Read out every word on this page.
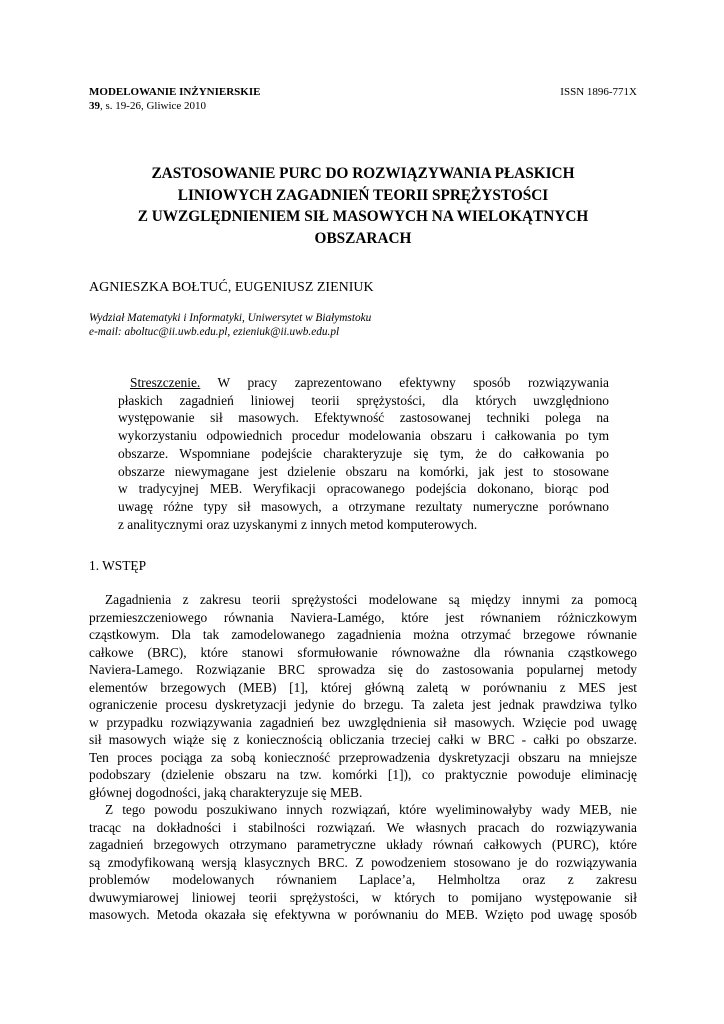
MODELOWANIE INŻYNIERSKIE	ISSN 1896-771X
39, s. 19-26, Gliwice 2010
ZASTOSOWANIE PURC DO ROZWIĄZYWANIA PŁASKICH
LINIOWYCH ZAGADNIEŃ TEORII SPRĘŻYSTOŚCI
Z UWZGLĘDNIENIEM SIŁ MASOWYCH NA WIELOKĄTNYCH
OBSZARACH
AGNIESZKA BOŁTUĆ, EUGENIUSZ ZIENIUK
Wydział Matematyki i Informatyki, Uniwersytet w Białymstoku
e-mail: aboltuc@ii.uwb.edu.pl, ezieniuk@ii.uwb.edu.pl
Streszczenie. W pracy zaprezentowano efektywny sposób rozwiązywania
płaskich zagadnień liniowej teorii sprężystości, dla których uwzględniono
występowanie sił masowych. Efektywność zastosowanej techniki polega na
wykorzystaniu odpowiednich procedur modelowania obszaru i całkowania po tym
obszarze. Wspomniane podejście charakteryzuje się tym, że do całkowania po
obszarze niewymagane jest dzielenie obszaru na komórki, jak jest to stosowane
w tradycyjnej MEB. Weryfikacji opracowanego podejścia dokonano, biorąc pod
uwagę różne typy sił masowych, a otrzymane rezultaty numeryczne porównano
z analitycznymi oraz uzyskanymi z innych metod komputerowych.
1. WSTĘP
Zagadnienia z zakresu teorii sprężystości modelowane są między innymi za pomocą
przemieszczeniowego równania Naviera-Lamégo, które jest równaniem różniczkowym
cząstkowym. Dla tak zamodelowanego zagadnienia można otrzymać brzegowe równanie
całkowe (BRC), które stanowi sformułowanie równoważne dla równania cząstkowego
Naviera-Lamego. Rozwiązanie BRC sprowadza się do zastosowania popularnej metody
elementów brzegowych (MEB) [1], której główną zaletą w porównaniu z MES jest
ograniczenie procesu dyskretyzacji jedynie do brzegu. Ta zaleta jest jednak prawdziwa tylko
w przypadku rozwiązywania zagadnień bez uwzględnienia sił masowych. Wzięcie pod uwagę
sił masowych wiąże się z koniecznością obliczania trzeciej całki w BRC - całki po obszarze.
Ten proces pociąga za sobą konieczność przeprowadzenia dyskretyzacji obszaru na mniejsze
podobszary (dzielenie obszaru na tzw. komórki [1]), co praktycznie powoduje eliminację
głównej dogodności, jaką charakteryzuje się MEB.
Z tego powodu poszukiwano innych rozwiązań, które wyeliminowałyby wady MEB, nie
tracąc na dokładności i stabilności rozwiązań. We własnych pracach do rozwiązywania
zagadnień brzegowych otrzymano parametryczne układy równań całkowych (PURC), które
są zmodyfikowaną wersją klasycznych BRC. Z powodzeniem stosowano je do rozwiązywania
problemów modelowanych równaniem Laplace’a, Helmholtza oraz z zakresu
dwuwymiarowej liniowej teorii sprężystości, w których to pomijano występowanie sił
masowych. Metoda okazała się efektywna w porównaniu do MEB. Wzięto pod uwagę sposób
